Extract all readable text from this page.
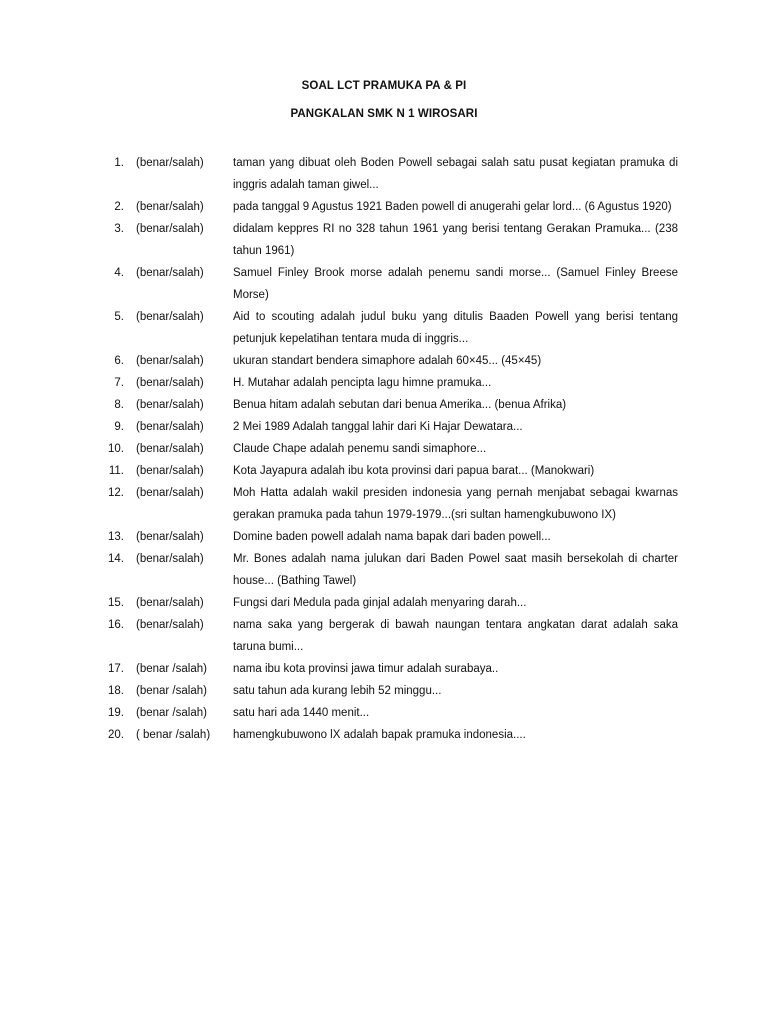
SOAL LCT PRAMUKA PA & PI
PANGKALAN SMK N 1 WIROSARI
1. (benar/salah)	taman yang dibuat oleh Boden Powell sebagai salah satu pusat kegiatan pramuka di inggris adalah taman giwel...
2. (benar/salah)	pada tanggal 9 Agustus 1921 Baden powell di anugerahi gelar lord... (6 Agustus 1920)
3. (benar/salah)	didalam keppres RI no 328 tahun 1961 yang berisi tentang Gerakan Pramuka... (238 tahun 1961)
4. (benar/salah)	Samuel Finley Brook morse adalah penemu sandi morse... (Samuel Finley Breese Morse)
5. (benar/salah)	Aid to scouting adalah judul buku yang ditulis Baaden Powell yang berisi tentang petunjuk kepelatihan tentara muda di inggris...
6. (benar/salah)	ukuran standart bendera simaphore adalah 60×45... (45×45)
7. (benar/salah)	H. Mutahar adalah pencipta lagu himne pramuka...
8. (benar/salah)	Benua hitam adalah sebutan dari benua Amerika... (benua Afrika)
9. (benar/salah)	2 Mei 1989 Adalah tanggal lahir dari Ki Hajar Dewatara...
10. (benar/salah)	Claude Chape adalah penemu sandi simaphore...
11. (benar/salah)	Kota Jayapura adalah ibu kota provinsi dari papua barat... (Manokwari)
12. (benar/salah)	Moh Hatta adalah wakil presiden indonesia yang pernah menjabat sebagai kwarnas gerakan pramuka pada tahun 1979-1979...(sri sultan hamengkubuwono IX)
13. (benar/salah)	Domine baden powell adalah nama bapak dari baden powell...
14. (benar/salah)	Mr. Bones adalah nama julukan dari Baden Powel saat masih bersekolah di charter house... (Bathing Tawel)
15. (benar/salah)	Fungsi dari Medula pada ginjal adalah menyaring darah...
16. (benar/salah)	nama saka yang bergerak di bawah naungan tentara angkatan darat adalah saka taruna bumi...
17. (benar /salah) nama ibu kota provinsi jawa timur adalah surabaya..
18. (benar /salah) satu tahun ada kurang lebih 52 minggu...
19. (benar /salah) satu hari ada 1440 menit...
20. ( benar /salah) hamengkubuwono lX adalah bapak pramuka indonesia....
